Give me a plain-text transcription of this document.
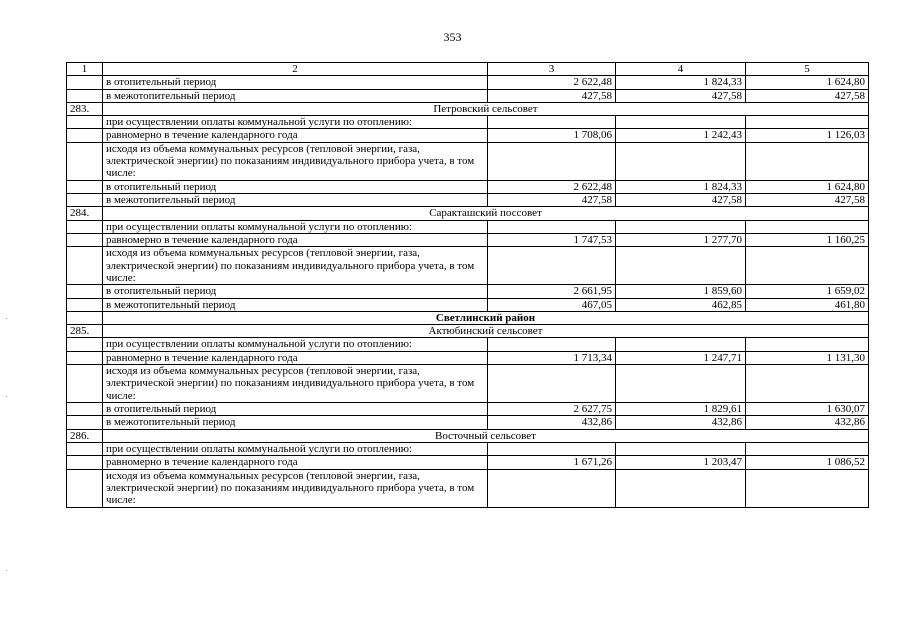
353
1	2	3	4	5
	в отопительный период	2 622,48	1 824,33	1 624,80
	в межотопительный период	427,58	427,58	427,58
283.	Петровский сельсовет			
	при осуществлении оплаты коммунальной услуги по отоплению:			
	равномерно в течение календарного года	1 708,06	1 242,43	1 126,03
	исходя из объема коммунальных ресурсов (тепловой энергии, газа, электрической энергии) по показаниям индивидуального прибора учета, в том числе:			
	в отопительный период	2 622,48	1 824,33	1 624,80
	в межотопительный период	427,58	427,58	427,58
284.	Саракташский поссовет			
	при осуществлении оплаты коммунальной услуги по отоплению:			
	равномерно в течение календарного года	1 747,53	1 277,70	1 160,25
	исходя из объема коммунальных ресурсов (тепловой энергии, газа, электрической энергии) по показаниям индивидуального прибора учета, в том числе:			
	в отопительный период	2 661,95	1 859,60	1 659,02
	в межотопительный период	467,05	462,85	461,80
	Светлинский район			
285.	Актюбинский сельсовет			
	при осуществлении оплаты коммунальной услуги по отоплению:			
	равномерно в течение календарного года	1 713,34	1 247,71	1 131,30
	исходя из объема коммунальных ресурсов (тепловой энергии, газа, электрической энергии) по показаниям индивидуального прибора учета, в том числе:			
	в отопительный период	2 627,75	1 829,61	1 630,07
	в межотопительный период	432,86	432,86	432,86
286.	Восточный сельсовет			
	при осуществлении оплаты коммунальной услуги по отоплению:			
	равномерно в течение календарного года	1 671,26	1 203,47	1 086,52
	исходя из объема коммунальных ресурсов (тепловой энергии, газа, электрической энергии) по показаниям индивидуального прибора учета, в том числе:			
